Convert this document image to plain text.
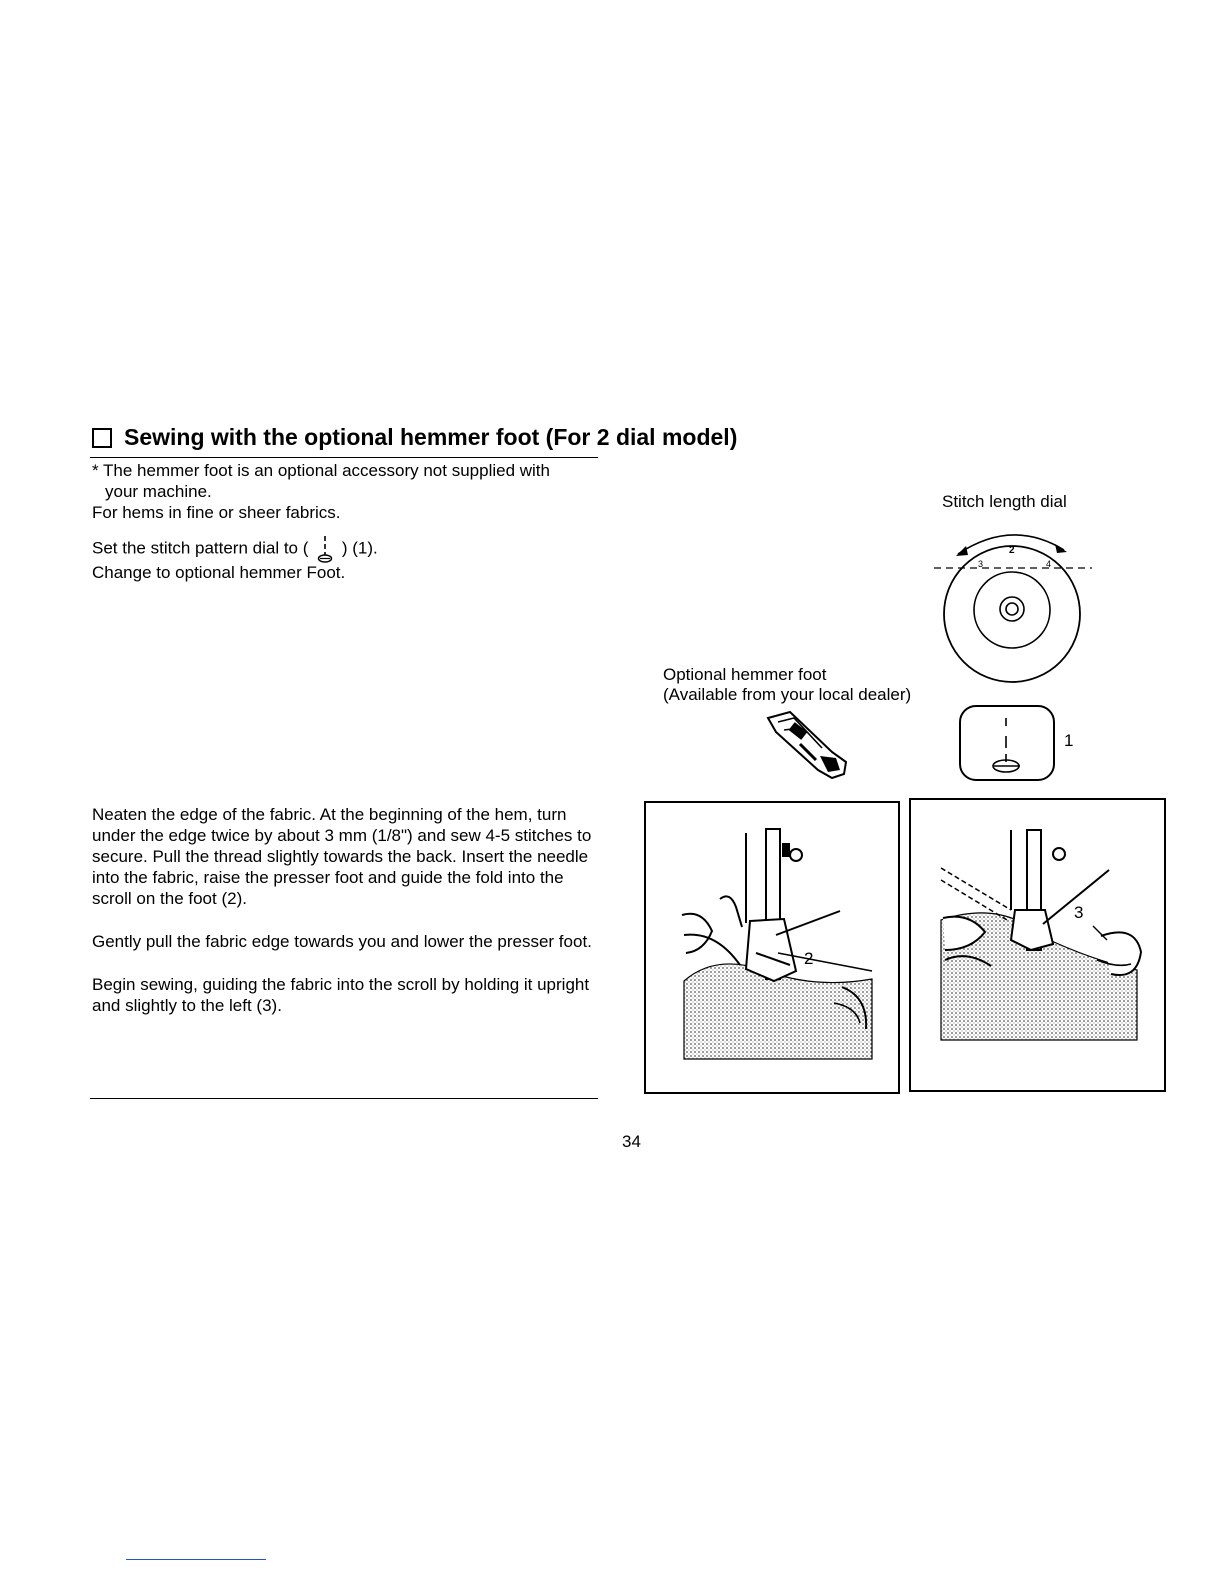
Sewing with the optional hemmer foot (For 2 dial model)
* The hemmer foot is an optional accessory not supplied with
your machine.
For hems in fine or sheer fabrics.
Set the stitch pattern dial to ( ) (1).
Change to optional hemmer Foot.
Stitch length dial
3	4
2
Optional hemmer foot
(Available from your local dealer)
1
Neaten the edge of the fabric. At the beginning of the hem, turn under the edge twice by about 3 mm (1/8") and sew 4-5 stitches to secure. Pull the thread slightly towards the back. Insert the needle into the fabric, raise the presser foot and guide the fold into the scroll on the foot (2).
Gently pull the fabric edge towards you and lower the presser foot.
Begin sewing, guiding the fabric into the scroll by holding it upright and slightly to the left (3).
2
3
34
